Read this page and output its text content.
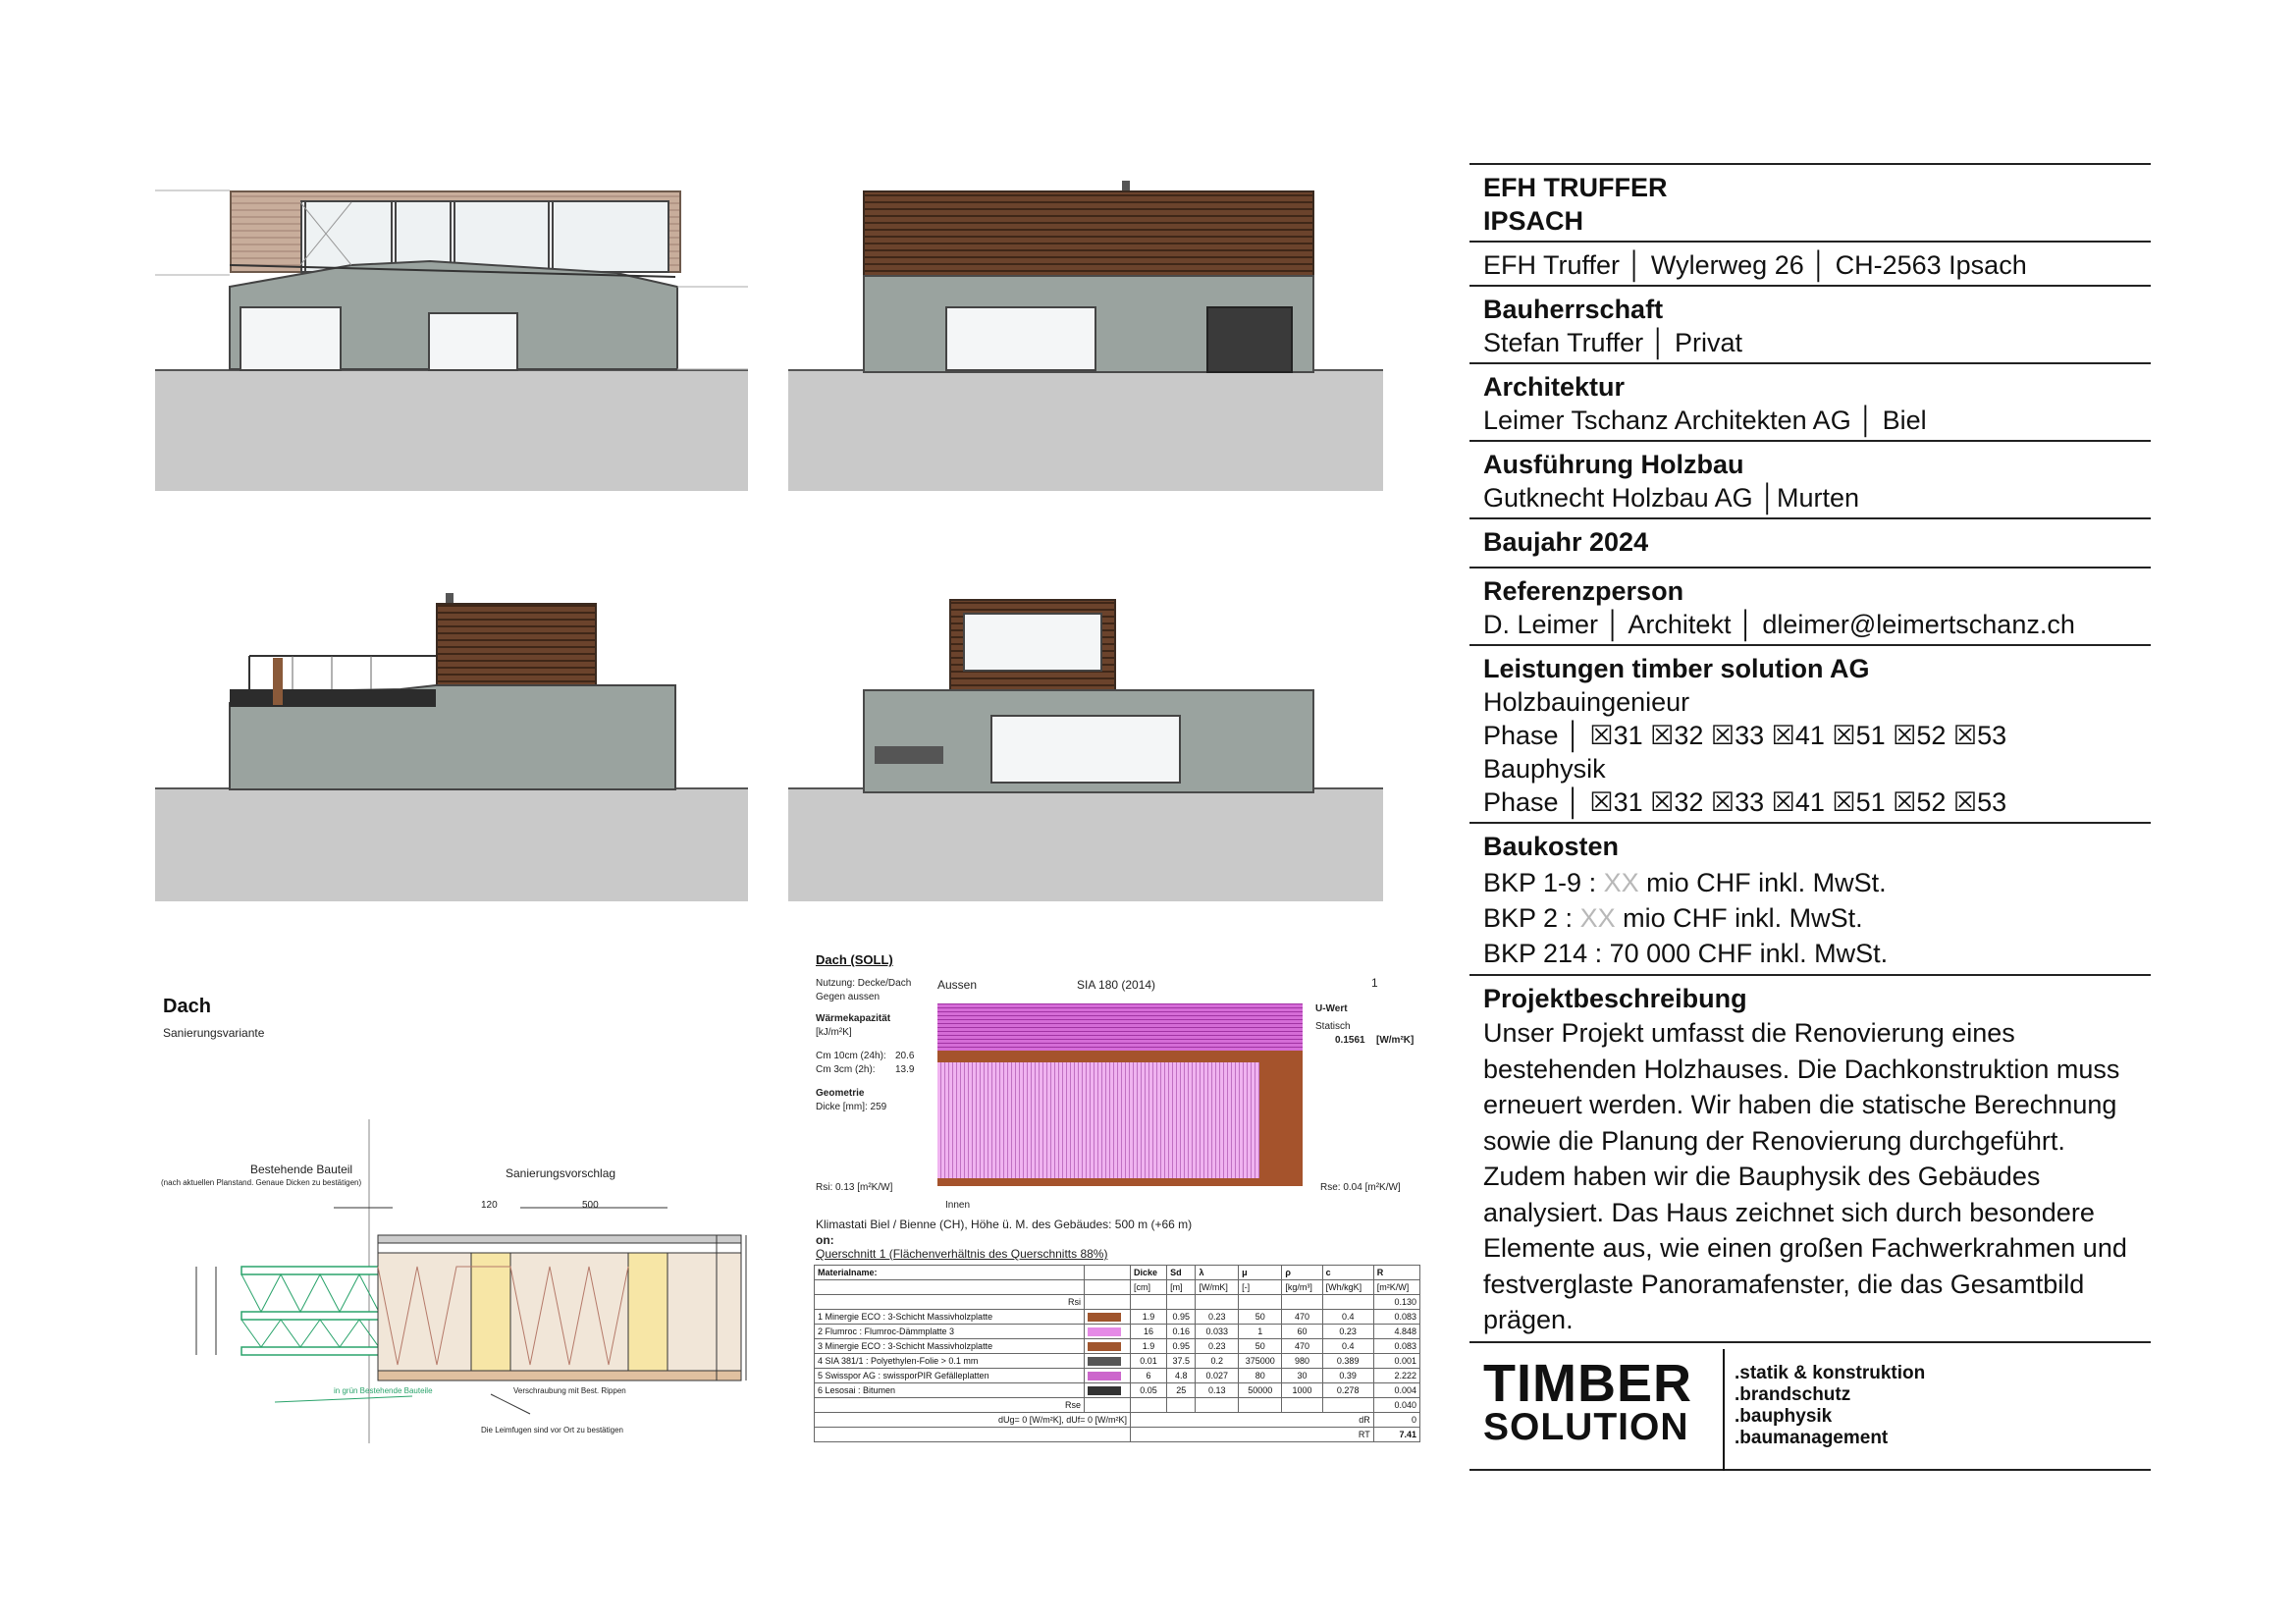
Dach
Sanierungsvariante
Bestehende Bauteil
(nach aktuellen Planstand. Genaue Dicken zu bestätigen)
Sanierungsvorschlag
120	500
in grün Bestehende Bauteile	Verschraubung mit Best. Rippen
Die Leimfugen sind vor Ort zu bestätigen
Dach (SOLL)
Nutzung: Decke/Dach
Gegen aussen
Aussen	SIA 180 (2014)	1
Wärmekapazität
[kJ/m²K]
Cm 10cm (24h): 20.6
Cm 3cm (2h): 13.9
Geometrie
Dicke [mm]: 259
U-Wert
Statisch
0.1561 [W/m²K]
Rsi: 0.13 [m²K/W]	Rse: 0.04 [m²K/W]
Innen
Klimastati Biel / Bienne (CH), Höhe ü. M. des Gebäudes: 500 m (+66 m)
on:
Querschnitt 1 (Flächenverhältnis des Querschnitts 88%)
Materialname:		Dicke	Sd	λ	μ	ρ	c	R
		[cm]	[m]	[W/mK]	[-]	[kg/m³]	[Wh/kgK]	[m²K/W]
Rsi								0.130
1 Minergie ECO : 3-Schicht Massivholzplatte		1.9	0.95	0.23	50	470	0.4	0.083
2 Flumroc : Flumroc-Dämmplatte 3		16	0.16	0.033	1	60	0.23	4.848
3 Minergie ECO : 3-Schicht Massivholzplatte		1.9	0.95	0.23	50	470	0.4	0.083
4 SIA 381/1 : Polyethylen-Folie > 0.1 mm		0.01	37.5	0.2	375000	980	0.389	0.001
5 Swisspor AG : swissporPIR Gefälleplatten		6	4.8	0.027	80	30	0.39	2.222
6 Lesosai : Bitumen		0.05	25	0.13	50000	1000	0.278	0.004
Rse								0.040
dUg= 0 [W/m²K], dUf= 0 [W/m²K]		dR						0
		RT						7.41
EFH TRUFFER
IPSACH
EFH Truffer │ Wylerweg 26 │ CH-2563 Ipsach
Bauherrschaft
Stefan Truffer │ Privat
Architektur
Leimer Tschanz Architekten AG │ Biel
Ausführung Holzbau
Gutknecht Holzbau AG │Murten
Baujahr 2024
Referenzperson
D. Leimer │ Architekt │ dleimer@leimertschanz.ch
Leistungen timber solution AG
Holzbauingenieur
Phase │ ☒31 ☒32 ☒33 ☒41 ☒51 ☒52 ☒53
Bauphysik
Phase │ ☒31 ☒32 ☒33 ☒41 ☒51 ☒52 ☒53
Baukosten
BKP 1-9 : XX mio CHF inkl. MwSt.
BKP 2 : XX mio CHF inkl. MwSt.
BKP 214 : 70 000 CHF inkl. MwSt.
Projektbeschreibung
Unser Projekt umfasst die Renovierung eines bestehenden Holzhauses. Die Dachkonstruktion muss erneuert werden. Wir haben die statische Berechnung sowie die Planung der Renovierung durchgeführt. Zudem haben wir die Bauphysik des Gebäudes analysiert. Das Haus zeichnet sich durch besondere Elemente aus, wie einen großen Fachwerkrahmen und festverglaste Panoramafenster, die das Gesamtbild prägen.
TIMBER
SOLUTION
.statik & konstruktion
.brandschutz
.bauphysik
.baumanagement
